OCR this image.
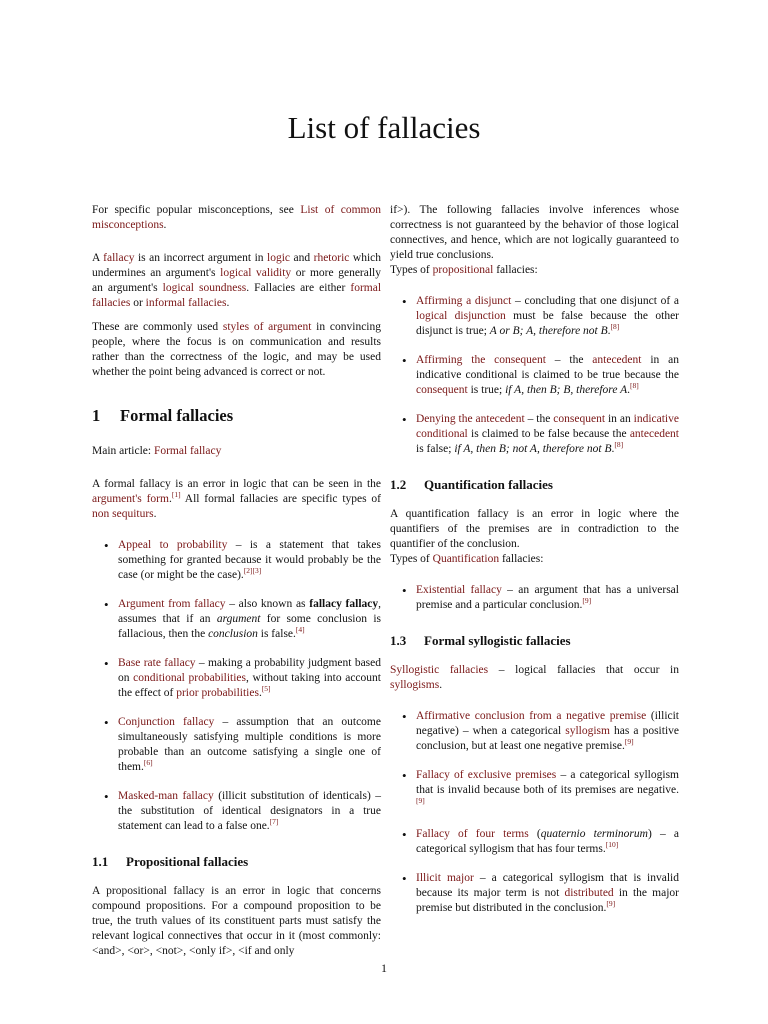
List of fallacies

For specific popular misconceptions, see List of common misconceptions.

A fallacy is an incorrect argument in logic and rhetoric which undermines an argument's logical validity or more generally an argument's logical soundness. Fallacies are either formal fallacies or informal fallacies.

These are commonly used styles of argument in convincing people, where the focus is on communication and results rather than the correctness of the logic, and may be used whether the point being advanced is correct or not.

1 Formal fallacies

Main article: Formal fallacy

A formal fallacy is an error in logic that can be seen in the argument's form.[1] All formal fallacies are specific types of non sequiturs.

• Appeal to probability – is a statement that takes something for granted because it would probably be the case (or might be the case).[2][3]
• Argument from fallacy – also known as fallacy fallacy, assumes that if an argument for some conclusion is fallacious, then the conclusion is false.[4]
• Base rate fallacy – making a probability judgment based on conditional probabilities, without taking into account the effect of prior probabilities.[5]
• Conjunction fallacy – assumption that an outcome simultaneously satisfying multiple conditions is more probable than an outcome satisfying a single one of them.[6]
• Masked-man fallacy (illicit substitution of identicals) – the substitution of identical designators in a true statement can lead to a false one.[7]
1.1 Propositional fallacies

A propositional fallacy is an error in logic that concerns compound propositions. For a compound proposition to be true, the truth values of its constituent parts must satisfy the relevant logical connectives that occur in it (most commonly: <and>, <or>, <not>, <only if>, <if and only

if>). The following fallacies involve inferences whose correctness is not guaranteed by the behavior of those logical connectives, and hence, which are not logically guaranteed to yield true conclusions.

Types of propositional fallacies:

• Affirming a disjunct – concluding that one disjunct of a logical disjunction must be false because the other disjunct is true; A or B; A, therefore not B.[8]
• Affirming the consequent – the antecedent in an indicative conditional is claimed to be true because the consequent is true; if A, then B; B, therefore A.[8]
• Denying the antecedent – the consequent in an indicative conditional is claimed to be false because the antecedent is false; if A, then B; not A, therefore not B.[8]
1.2 Quantification fallacies

A quantification fallacy is an error in logic where the quantifiers of the premises are in contradiction to the quantifier of the conclusion.

Types of Quantification fallacies:

• Existential fallacy – an argument that has a universal premise and a particular conclusion.[9]
1.3 Formal syllogistic fallacies

Syllogistic fallacies – logical fallacies that occur in syllogisms.

• Affirmative conclusion from a negative premise (illicit negative) – when a categorical syllogism has a positive conclusion, but at least one negative premise.[9]
• Fallacy of exclusive premises – a categorical syllogism that is invalid because both of its premises are negative.[9]
• Fallacy of four terms (quaternio terminorum) – a categorical syllogism that has four terms.[10]
• Illicit major – a categorical syllogism that is invalid because its major term is not distributed in the major premise but distributed in the conclusion.[9]
1
